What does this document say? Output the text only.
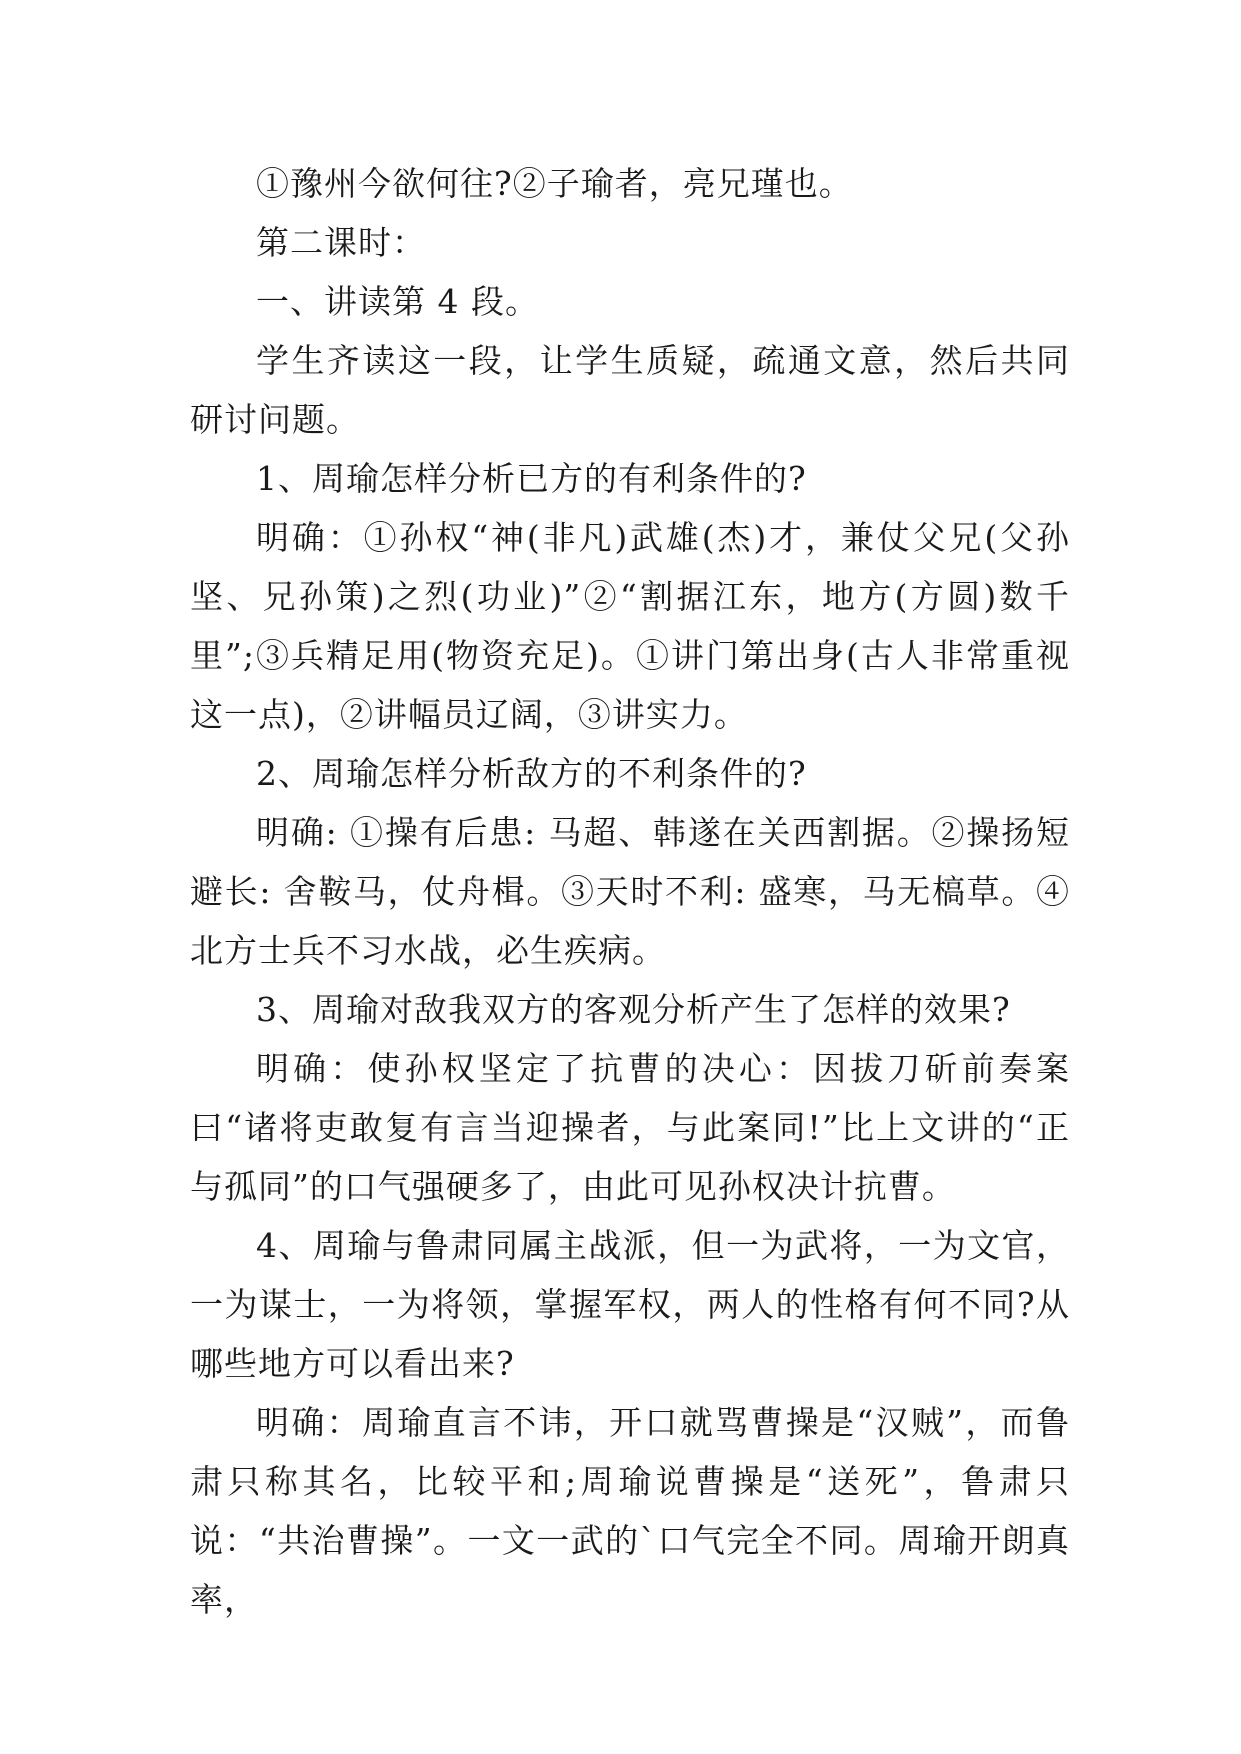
①豫州今欲何往?②子瑜者，亮兄瑾也。

第二课时：

一、讲读第 4 段。

学生齐读这一段，让学生质疑，疏通文意，然后共同研讨问题。

1、周瑜怎样分析已方的有利条件的?

明确：①孙权“神(非凡)武雄(杰)才，兼仗父兄(父孙坚、兄孙策)之烈(功业)”②“割据江东，地方(方圆)数千里”;③兵精足用(物资充足)。①讲门第出身(古人非常重视这一点)，②讲幅员辽阔，③讲实力。

2、周瑜怎样分析敌方的不利条件的?

明确: ①操有后患: 马超、韩遂在关西割据。②操扬短避长: 舍鞍马，仗舟楫。③天时不利: 盛寒，马无槁草。④北方士兵不习水战，必生疾病。

3、周瑜对敌我双方的客观分析产生了怎样的效果?

明确：使孙权坚定了抗曹的决心：因拔刀斫前奏案曰“诸将吏敢复有言当迎操者，与此案同!”比上文讲的“正与孤同”的口气强硬多了，由此可见孙权决计抗曹。

4、周瑜与鲁肃同属主战派，但一为武将，一为文官，一为谋士，一为将领，掌握军权，两人的性格有何不同?从哪些地方可以看出来?

明确：周瑜直言不讳，开口就骂曹操是“汉贼”，而鲁肃只称其名，比较平和;周瑜说曹操是“送死”，鲁肃只说：“共治曹操”。一文一武的`口气完全不同。周瑜开朗真率，
